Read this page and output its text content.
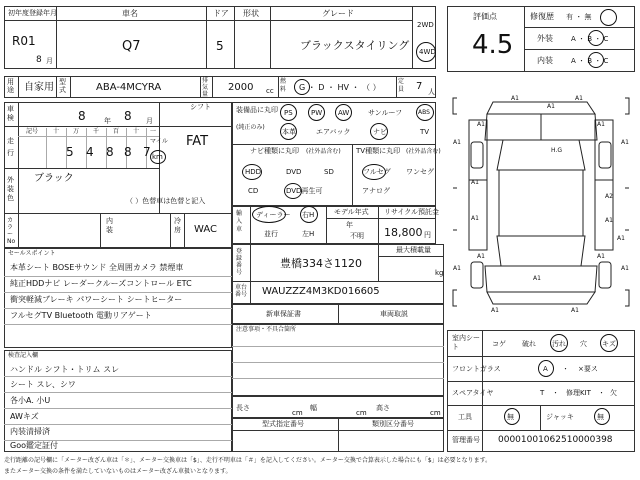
初年度登録年月
R01
8 月
車名
Q7
ドア
5
形状	グレード
ブラックスタイリング
2WD
4WD
用途 自家用 型式	ABA-4MCYRA
排気量
2000 cc
燃料 G ・ D ・ HV ・ （ ）
定員 7 人
評価点
4.5
修復歴 有 ・ 無
外装	A ・ B ・ C
内装	A ・ B ・ C
車検	8	年 8 月
シフト
FAT
走行
記号 十 万 千 百 十 一
5 4 8 8 7
マイル
km
外装色
ブラック
（ ）色替車は色替と記入
カラーNo
内装
冷房 WAC
装備品に丸印
(純正のみ)
PS	PW AW	サンルーフ	ABS
本革	エアバック	ナビ	TV
ナビ種類に丸印 (社外品含む)
HDD	DVD	SD
CD	DVD再生可
TV種類に丸印 (社外品含む)
フルセグ ワンセグ
アナログ
輸入車
ディーラー
並行
右H
左H
モデル年式
年
不明
リサイクル預託金
18,800 円
登録番号
豊橋334さ1120
最大積載量
kg
車台番号 WAUZZZ4M3KD016605
新車保証書	車両取説
セールスポイント
本革シート BOSEサウンド 全周囲カメラ 禁煙車
純正HDDナビ レーダークルーズコントロール ETC
衝突軽減ブレーキ パワーシート シートヒーター
フルセグTV Bluetooth 電動リアゲート
注意事項・不具合箇所
検査記入欄
ハンドル シフト・トリム スレ
シート スレ、シワ
各小A. 小U
AWキズ
内装清掃済
Goo鑑定証付
長さ
cm
幅
cm
高さ
cm
型式指定番号	類別区分番号
A1	A1
A1	A1
A1	A1
A1
A2
A1	A1
A1	A1
A1	A1
A1	A1
A1
A1
A1
H.G
室内シート	コゲ 破れ 汚れ 穴 キズ
フロントガラス	A ・ ×要ス
スペアタイヤ	T ・ 修理KIT ・ 欠
工具	無	ジャッキ	無
管理番号 00001001062510000398
走行距離の記号欄に「メーター改ざん車は「＊」、メーター交換車は「$」、走行不明車は「＃」を記入してください。メーター交換で合算表示した場合にも「$」は必要となります。
またメーター交換の条件を満たしていないものはメーター改ざん車扱いとなります。
